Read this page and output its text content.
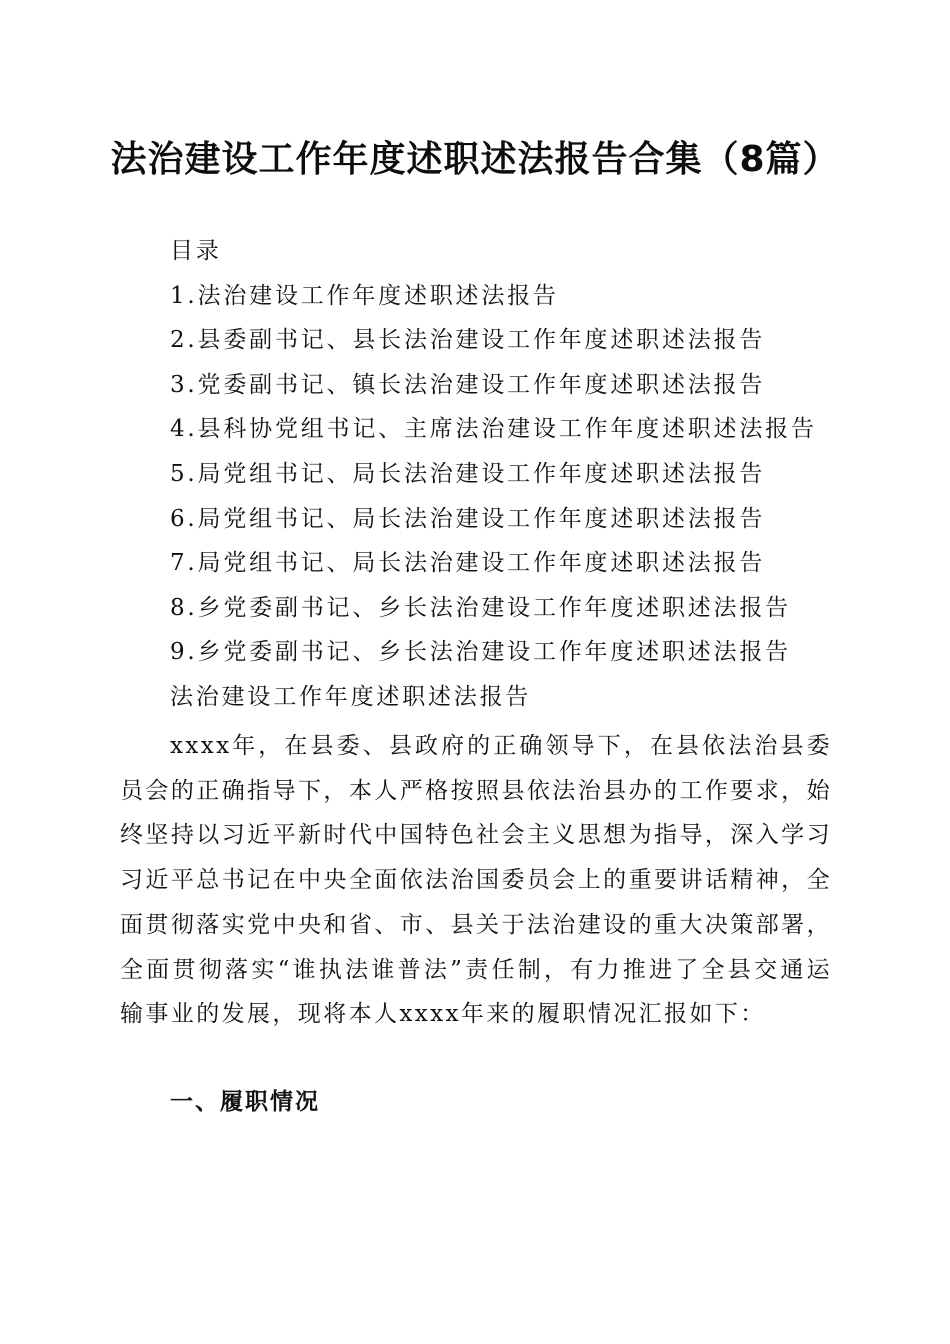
法治建设工作年度述职述法报告合集（8篇）
目录
1.法治建设工作年度述职述法报告
2.县委副书记、县长法治建设工作年度述职述法报告
3.党委副书记、镇长法治建设工作年度述职述法报告
4.县科协党组书记、主席法治建设工作年度述职述法报告
5.局党组书记、局长法治建设工作年度述职述法报告
6.局党组书记、局长法治建设工作年度述职述法报告
7.局党组书记、局长法治建设工作年度述职述法报告
8.乡党委副书记、乡长法治建设工作年度述职述法报告
9.乡党委副书记、乡长法治建设工作年度述职述法报告
法治建设工作年度述职述法报告

xxxx年，在县委、县政府的正确领导下，在县依法治县委员会的正确指导下，本人严格按照县依法治县办的工作要求，始终坚持以习近平新时代中国特色社会主义思想为指导，深入学习习近平总书记在中央全面依法治国委员会上的重要讲话精神，全面贯彻落实党中央和省、市、县关于法治建设的重大决策部署，全面贯彻落实“谁执法谁普法”责任制，有力推进了全县交通运输事业的发展，现将本人xxxx年来的履职情况汇报如下：

一、履职情况
